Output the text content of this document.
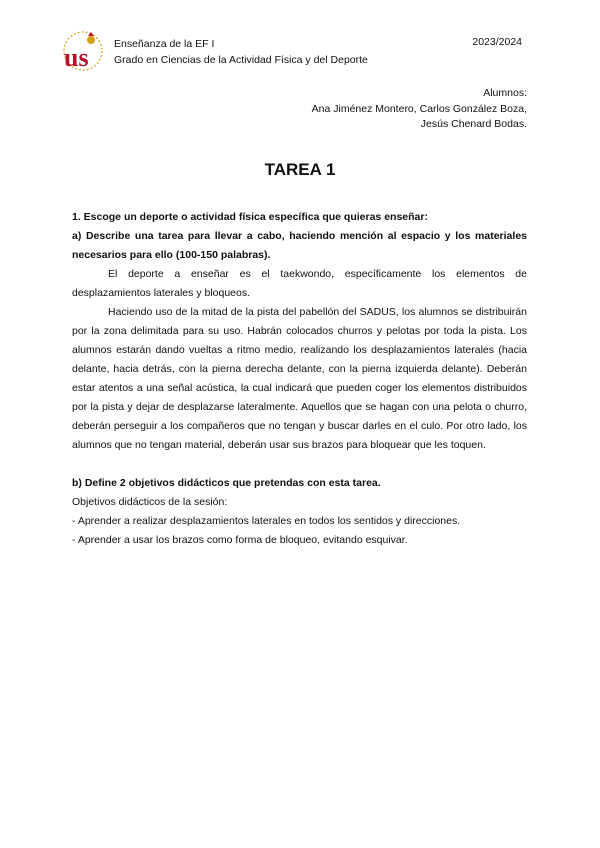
us Enseñanza de la EF I
Grado en Ciencias de la Actividad Física y del Deporte
2023/2024
Alumnos:
Ana Jiménez Montero, Carlos González Boza,
Jesús Chenard Bodas.
TAREA 1

1. Escoge un deporte o actividad física específica que quieras enseñar:

a) Describe una tarea para llevar a cabo, haciendo mención al espacio y los materiales necesarios para ello (100-150 palabras).

El deporte a enseñar es el taekwondo, específicamente los elementos de desplazamientos laterales y bloqueos.

Haciendo uso de la mitad de la pista del pabellón del SADUS, los alumnos se distribuirán por la zona delimitada para su uso. Habrán colocados churros y pelotas por toda la pista. Los alumnos estarán dando vueltas a ritmo medio, realizando los desplazamientos laterales (hacia delante, hacia detrás, con la pierna derecha delante, con la pierna izquierda delante). Deberán estar atentos a una señal acústica, la cual indicará que pueden coger los elementos distribuidos por la pista y dejar de desplazarse lateralmente. Aquellos que se hagan con una pelota o churro, deberán perseguir a los compañeros que no tengan y buscar darles en el culo. Por otro lado, los alumnos que no tengan material, deberán usar sus brazos para bloquear que les toquen.

b) Define 2 objetivos didácticos que pretendas con esta tarea.

Objetivos didácticos de la sesión:

- Aprender a realizar desplazamientos laterales en todos los sentidos y direcciones.

- Aprender a usar los brazos como forma de bloqueo, evitando esquivar.
